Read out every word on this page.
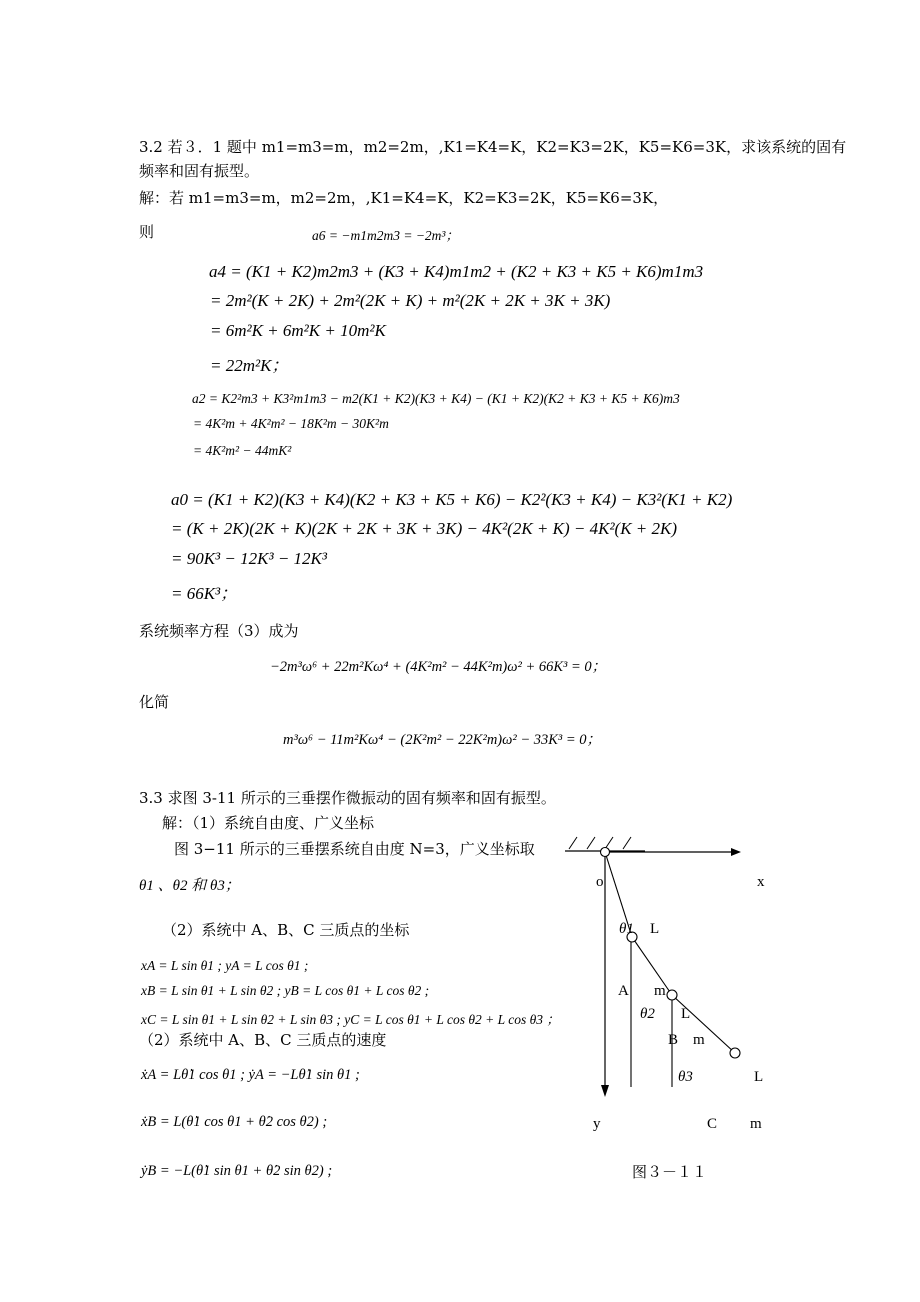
3.2 若３．1 题中 m1=m3=m，m2=2m，,K1=K4=K，K2=K3=2K，K5=K6=3K，求该系统的固有
频率和固有振型。
解：若 m1=m3=m，m2=2m，,K1=K4=K，K2=K3=2K，K5=K6=3K，
则	a6 = −m1m2m3 = −2m³；
a4 = (K1 + K2)m2m3 + (K3 + K4)m1m2 + (K2 + K3 + K5 + K6)m1m3
= 2m²(K + 2K) + 2m²(2K + K) + m²(2K + 2K + 3K + 3K)
= 6m²K + 6m²K + 10m²K
= 22m²K；
a2 = K2²m3 + K3²m1m3 − m2(K1 + K2)(K3 + K4) − (K1 + K2)(K2 + K3 + K5 + K6)m3
= 4K²m + 4K²m² − 18K²m − 30K²m
= 4K²m² − 44mK²
a0 = (K1 + K2)(K3 + K4)(K2 + K3 + K5 + K6) − K2²(K3 + K4) − K3²(K1 + K2)
= (K + 2K)(2K + K)(2K + 2K + 3K + 3K) − 4K²(2K + K) − 4K²(K + 2K)
= 90K³ − 12K³ − 12K³
= 66K³；
系统频率方程（3）成为
−2m³ω⁶ + 22m²Kω⁴ + (4K²m² − 44K²m)ω² + 66K³ = 0；
化简
m³ω⁶ − 11m²Kω⁴ − (2K²m² − 22K²m)ω² − 33K³ = 0；
3.3 求图 3-11 所示的三垂摆作微振动的固有频率和固有振型。
解：（1）系统自由度、广义坐标
图 3−11 所示的三垂摆系统自由度 N=3，广义坐标取
θ1 、θ2 和 θ3；
（2）系统中 A、B、C 三质点的坐标
xA = L sin θ1 ; yA = L cos θ1 ;
xB = L sin θ1 + L sin θ2 ; yB = L cos θ1 + L cos θ2 ;
xC = L sin θ1 + L sin θ2 + L sin θ3 ; yC = L cos θ1 + L cos θ2 + L cos θ3 ；
（2）系统中 A、B、C 三质点的速度
ẋA = Lθ̇1 cos θ1 ; ẏA = −Lθ̇1 sin θ1 ;
ẋB = L(θ̇1 cos θ1 + θ̇2 cos θ2) ;
ẏB = −L(θ̇1 sin θ1 + θ̇2 sin θ2) ;
o	x
θ1 L
A m
θ2 L
B m
θ3	L
y	C m
图３－１１
